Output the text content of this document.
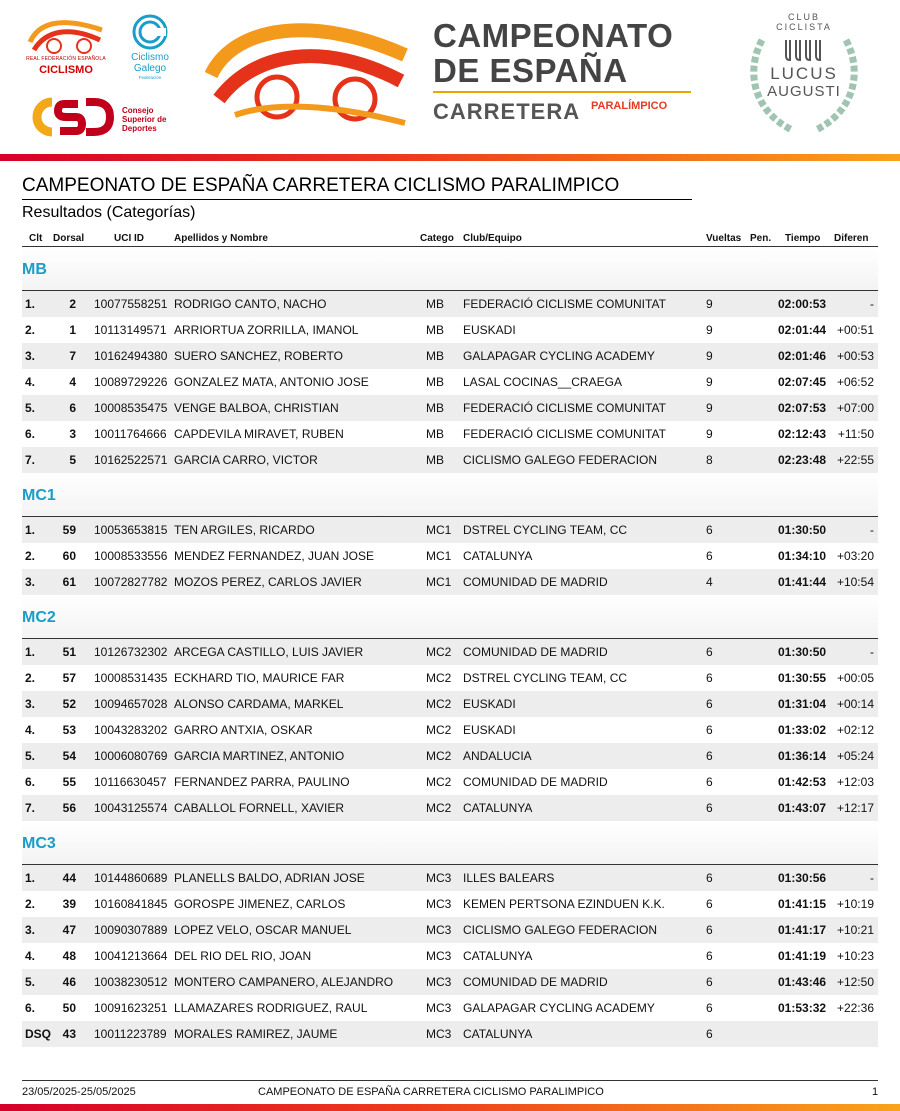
REAL FEDERACIÓN ESPAÑOLA
CICLISMO
Ciclismo Galego
Federación
Consejo Superior de Deportes
CAMPEONATO
DE ESPAÑA
CARRETERA PARALÍMPICO
CLUB CICLISTA
LUCUS
AUGUSTI
CAMPEONATO DE ESPAÑA CARRETERA CICLISMO PARALIMPICO
Resultados (Categorías)
Clt Dorsal	UCI ID	Apellidos y Nombre	Catego Club/Equipo	Vueltas Pen. Tiempo Diferen
MB
1.	2 10077558251 RODRIGO CANTO, NACHO	MB FEDERACIÓ CICLISME COMUNITAT	9	02:00:53	-
2.	1 10113149571 ARRIORTUA ZORRILLA, IMANOL	MB EUSKADI	9	02:01:44 +00:51
3.	7 10162494380 SUERO SANCHEZ, ROBERTO	MB GALAPAGAR CYCLING ACADEMY	9	02:01:46 +00:53
4.	4 10089729226 GONZALEZ MATA, ANTONIO JOSE	MB LASAL COCINAS__CRAEGA	9	02:07:45 +06:52
5.	6 10008535475 VENGE BALBOA, CHRISTIAN	MB FEDERACIÓ CICLISME COMUNITAT	9	02:07:53 +07:00
6.	3 10011764666 CAPDEVILA MIRAVET, RUBEN	MB FEDERACIÓ CICLISME COMUNITAT	9	02:12:43 +11:50
7.	5 10162522571 GARCIA CARRO, VICTOR	MB CICLISMO GALEGO FEDERACION	8	02:23:48 +22:55
MC1
1.	59 10053653815 TEN ARGILES, RICARDO	MC1 DSTREL CYCLING TEAM, CC	6	01:30:50	-
2.	60 10008533556 MENDEZ FERNANDEZ, JUAN JOSE	MC1 CATALUNYA	6	01:34:10 +03:20
3.	61 10072827782 MOZOS PEREZ, CARLOS JAVIER	MC1 COMUNIDAD DE MADRID	4	01:41:44 +10:54
MC2
1.	51 10126732302 ARCEGA CASTILLO, LUIS JAVIER	MC2 COMUNIDAD DE MADRID	6	01:30:50	-
2.	57 10008531435 ECKHARD TIO, MAURICE FAR	MC2 DSTREL CYCLING TEAM, CC	6	01:30:55 +00:05
3.	52 10094657028 ALONSO CARDAMA, MARKEL	MC2 EUSKADI	6	01:31:04 +00:14
4.	53 10043283202 GARRO ANTXIA, OSKAR	MC2 EUSKADI	6	01:33:02 +02:12
5.	54 10006080769 GARCIA MARTINEZ, ANTONIO	MC2 ANDALUCIA	6	01:36:14 +05:24
6.	55 10116630457 FERNANDEZ PARRA, PAULINO	MC2 COMUNIDAD DE MADRID	6	01:42:53 +12:03
7.	56 10043125574 CABALLOL FORNELL, XAVIER	MC2 CATALUNYA	6	01:43:07 +12:17
MC3
1.	44 10144860689 PLANELLS BALDO, ADRIAN JOSE	MC3 ILLES BALEARS	6	01:30:56	-
2.	39 10160841845 GOROSPE JIMENEZ, CARLOS	MC3 KEMEN PERTSONA EZINDUEN K.K.	6	01:41:15 +10:19
3.	47 10090307889 LOPEZ VELO, OSCAR MANUEL	MC3 CICLISMO GALEGO FEDERACION	6	01:41:17 +10:21
4.	48 10041213664 DEL RIO DEL RIO, JOAN	MC3 CATALUNYA	6	01:41:19 +10:23
5.	46 10038230512 MONTERO CAMPANERO, ALEJANDRO	MC3 COMUNIDAD DE MADRID	6	01:43:46 +12:50
6.	50 10091623251 LLAMAZARES RODRIGUEZ, RAUL	MC3 GALAPAGAR CYCLING ACADEMY	6	01:53:32 +22:36
DSQ 43 10011223789 MORALES RAMIREZ, JAUME	MC3 CATALUNYA	6
23/05/2025-25/05/2025	CAMPEONATO DE ESPAÑA CARRETERA CICLISMO PARALIMPICO	1
